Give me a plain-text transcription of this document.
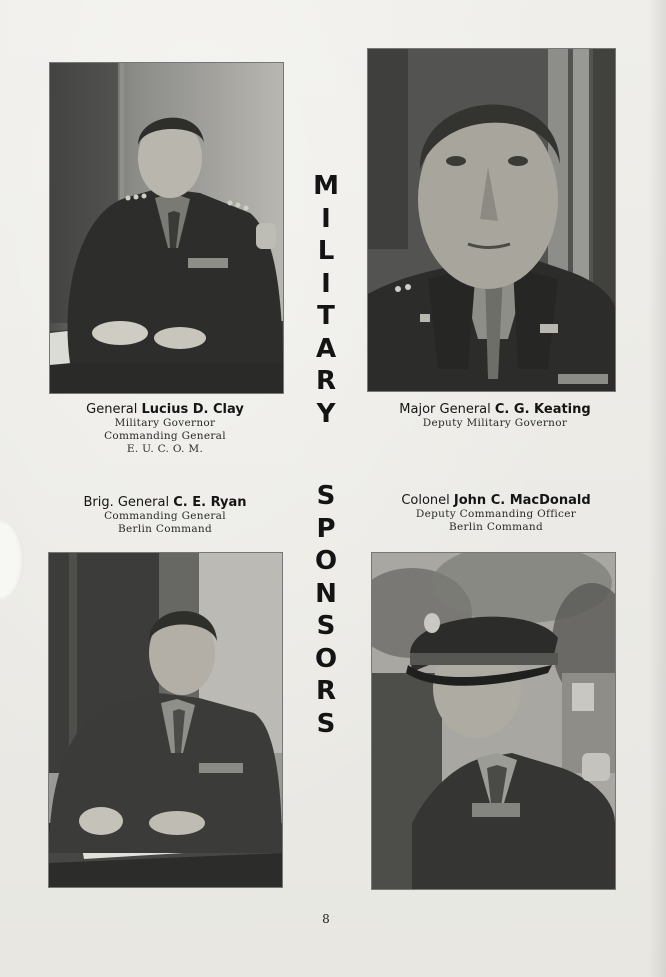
M
I
L
I
T
A
R
Y
S
P
O
N
S
O
R
S
General Lucius D. Clay
Military Governor
Commanding General
E. U. C. O. M.
Major General C. G. Keating
Deputy Military Governor
Brig. General C. E. Ryan
Commanding General
Berlin Command
Colonel John C. MacDonald
Deputy Commanding Officer
Berlin Command
8
